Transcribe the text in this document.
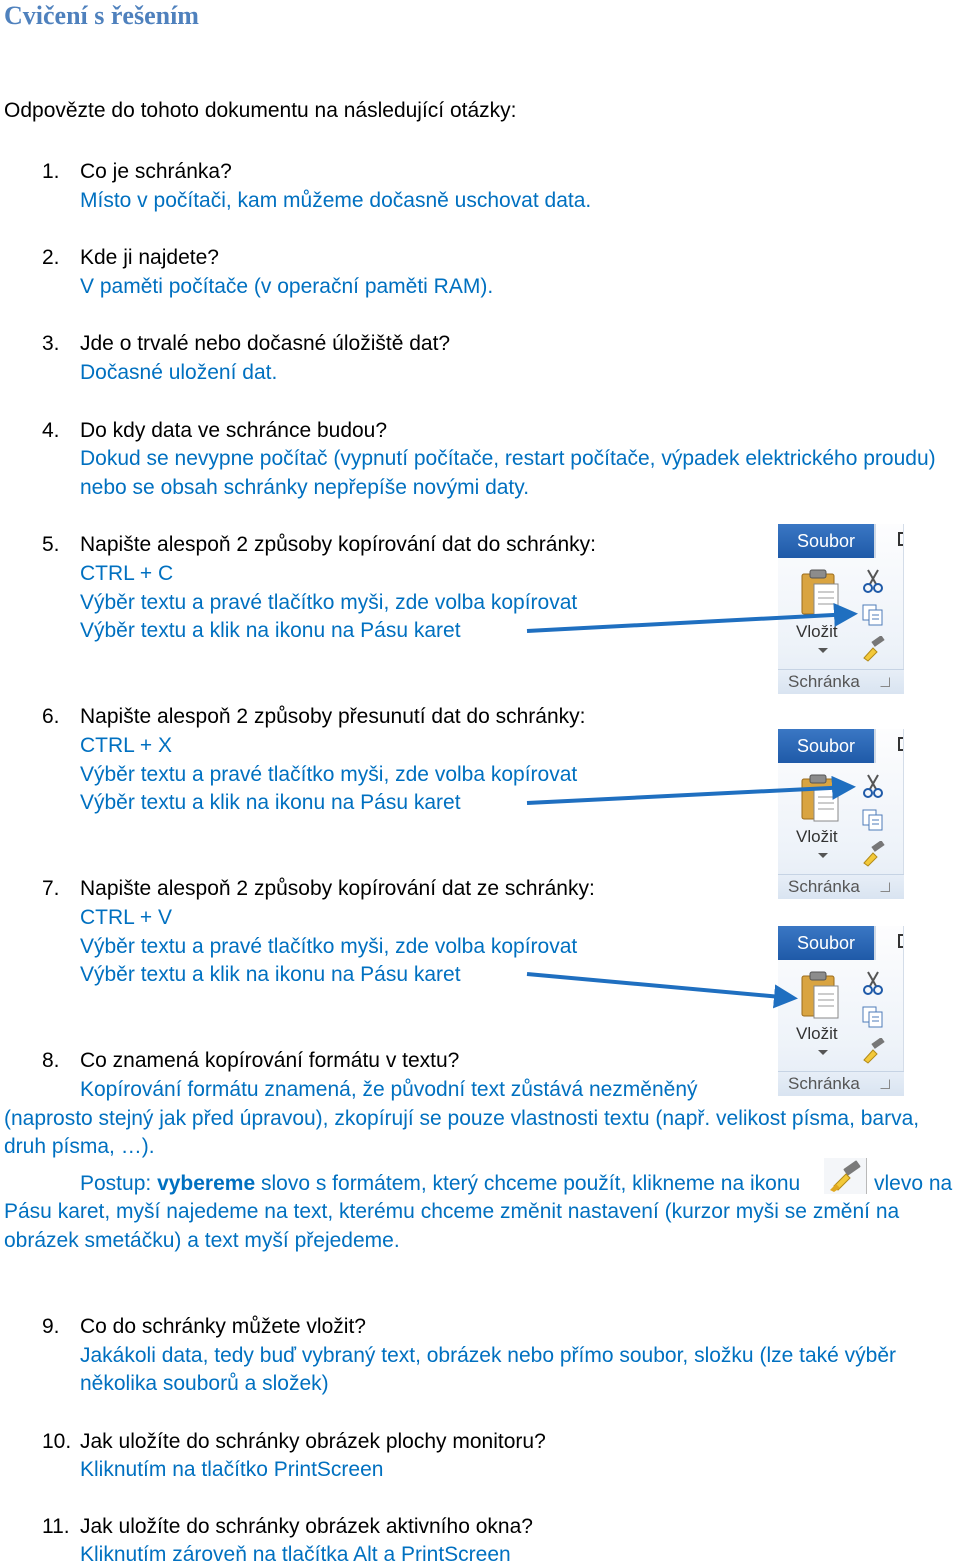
Cvičení s řešením
Odpovězte do tohoto dokumentu na následující otázky:
1. Co je schránka?
Místo v počítači, kam můžeme dočasně uschovat data.
2. Kde ji najdete?
V paměti počítače (v operační paměti RAM).
3. Jde o trvalé nebo dočasné úložiště dat?
Dočasné uložení dat.
4. Do kdy data ve schránce budou?
Dokud se nevypne počítač (vypnutí počítače, restart počítače, výpadek elektrického proudu)
nebo se obsah schránky nepřepíše novými daty.
5. Napište alespoň 2 způsoby kopírování dat do schránky:
CTRL + C
Výběr textu a pravé tlačítko myši, zde volba kopírovat
Výběr textu a klik na ikonu na Pásu karet
6. Napište alespoň 2 způsoby přesunutí dat do schránky:
CTRL + X
Výběr textu a pravé tlačítko myši, zde volba kopírovat
Výběr textu a klik na ikonu na Pásu karet
7. Napište alespoň 2 způsoby kopírování dat ze schránky:
CTRL + V
Výběr textu a pravé tlačítko myši, zde volba kopírovat
Výběr textu a klik na ikonu na Pásu karet
8. Co znamená kopírování formátu v textu?
Kopírování formátu znamená, že původní text zůstává nezměněný
(naprosto stejný jak před úpravou), zkopírují se pouze vlastnosti textu (např. velikost písma, barva,
druh písma, …).
Postup: vybereme slovo s formátem, který chceme použít, klikneme na ikonu	vlevo na
Pásu karet, myší najedeme na text, kterému chceme změnit nastavení (kurzor myši se změní na
obrázek smetáčku) a text myší přejedeme.
9. Co do schránky můžete vložit?
Jakákoli data, tedy buď vybraný text, obrázek nebo přímo soubor, složku (lze také výběr
několika souborů a složek)
10. Jak uložíte do schránky obrázek plochy monitoru?
Kliknutím na tlačítko PrintScreen
11. Jak uložíte do schránky obrázek aktivního okna?
Kliknutím zároveň na tlačítka Alt a PrintScreen
Soubor
Vložit
Schránka
Soubor
Vložit
Schránka
Soubor
Vložit
Schránka
